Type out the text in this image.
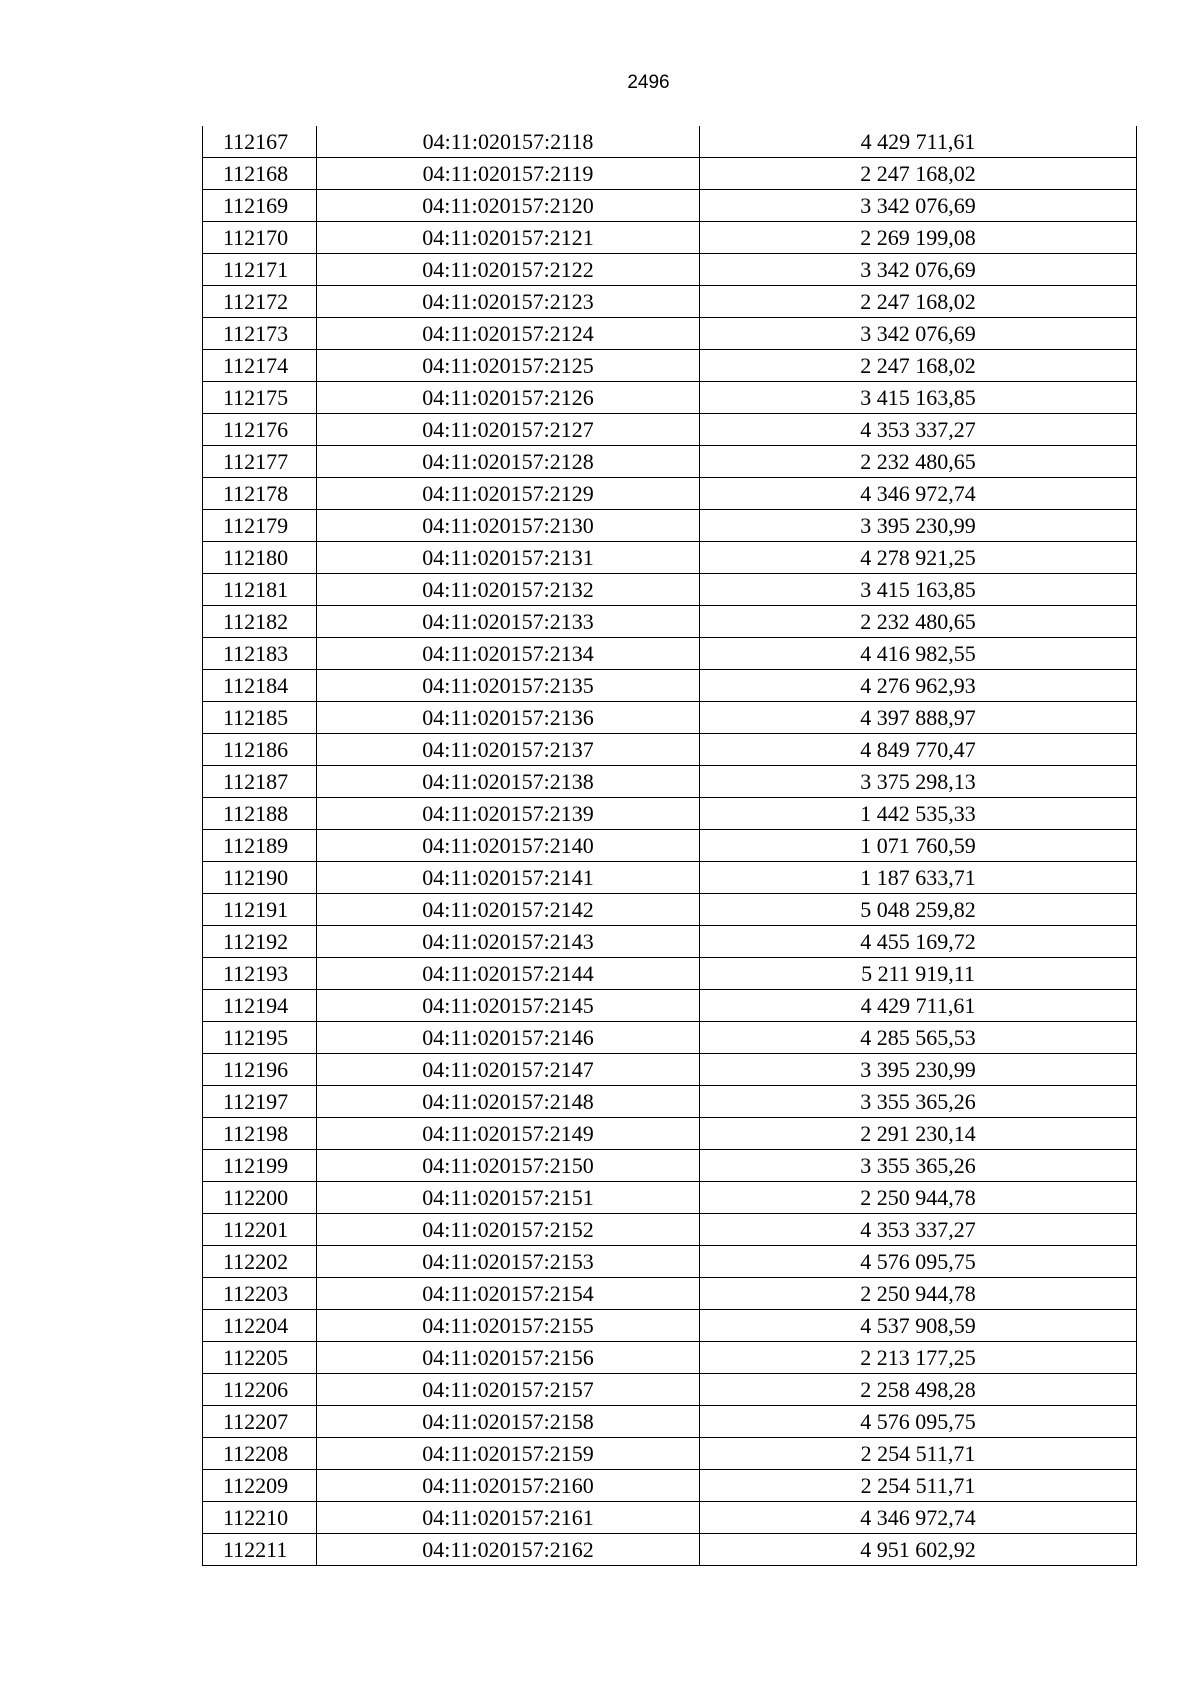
2496
112167	04:11:020157:2118	4 429 711,61
112168	04:11:020157:2119	2 247 168,02
112169	04:11:020157:2120	3 342 076,69
112170	04:11:020157:2121	2 269 199,08
112171	04:11:020157:2122	3 342 076,69
112172	04:11:020157:2123	2 247 168,02
112173	04:11:020157:2124	3 342 076,69
112174	04:11:020157:2125	2 247 168,02
112175	04:11:020157:2126	3 415 163,85
112176	04:11:020157:2127	4 353 337,27
112177	04:11:020157:2128	2 232 480,65
112178	04:11:020157:2129	4 346 972,74
112179	04:11:020157:2130	3 395 230,99
112180	04:11:020157:2131	4 278 921,25
112181	04:11:020157:2132	3 415 163,85
112182	04:11:020157:2133	2 232 480,65
112183	04:11:020157:2134	4 416 982,55
112184	04:11:020157:2135	4 276 962,93
112185	04:11:020157:2136	4 397 888,97
112186	04:11:020157:2137	4 849 770,47
112187	04:11:020157:2138	3 375 298,13
112188	04:11:020157:2139	1 442 535,33
112189	04:11:020157:2140	1 071 760,59
112190	04:11:020157:2141	1 187 633,71
112191	04:11:020157:2142	5 048 259,82
112192	04:11:020157:2143	4 455 169,72
112193	04:11:020157:2144	5 211 919,11
112194	04:11:020157:2145	4 429 711,61
112195	04:11:020157:2146	4 285 565,53
112196	04:11:020157:2147	3 395 230,99
112197	04:11:020157:2148	3 355 365,26
112198	04:11:020157:2149	2 291 230,14
112199	04:11:020157:2150	3 355 365,26
112200	04:11:020157:2151	2 250 944,78
112201	04:11:020157:2152	4 353 337,27
112202	04:11:020157:2153	4 576 095,75
112203	04:11:020157:2154	2 250 944,78
112204	04:11:020157:2155	4 537 908,59
112205	04:11:020157:2156	2 213 177,25
112206	04:11:020157:2157	2 258 498,28
112207	04:11:020157:2158	4 576 095,75
112208	04:11:020157:2159	2 254 511,71
112209	04:11:020157:2160	2 254 511,71
112210	04:11:020157:2161	4 346 972,74
112211	04:11:020157:2162	4 951 602,92
